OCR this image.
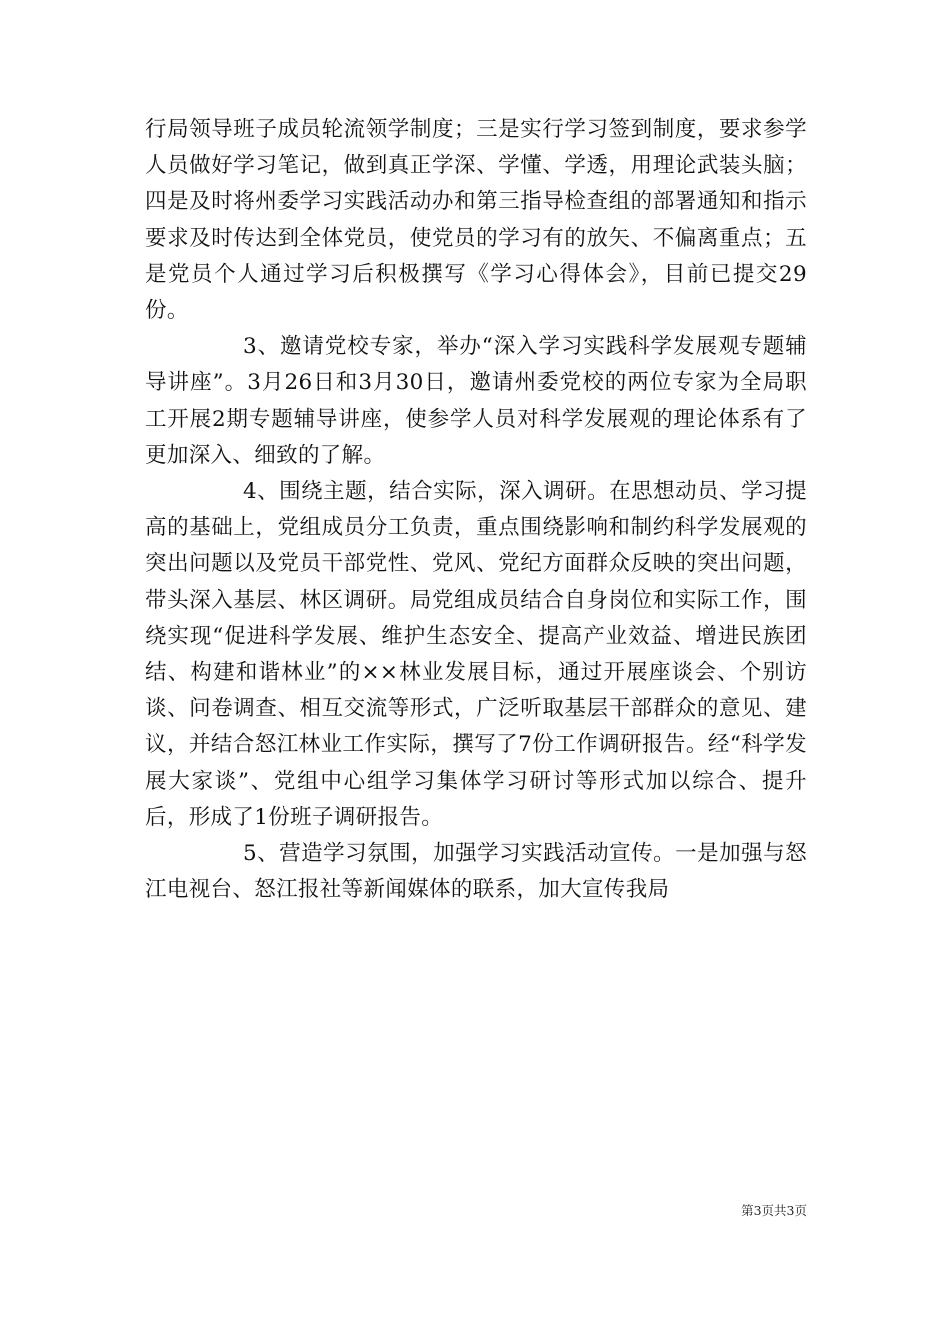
行局领导班子成员轮流领学制度；三是实行学习签到制度，要求参学人员做好学习笔记，做到真正学深、学懂、学透，用理论武装头脑；四是及时将州委学习实践活动办和第三指导检查组的部署通知和指示要求及时传达到全体党员，使党员的学习有的放矢、不偏离重点；五是党员个人通过学习后积极撰写《学习心得体会》，目前已提交29份。

3、邀请党校专家，举办“深入学习实践科学发展观专题辅导讲座”。3月26日和3月30日，邀请州委党校的两位专家为全局职工开展2期专题辅导讲座，使参学人员对科学发展观的理论体系有了更加深入、细致的了解。

4、围绕主题，结合实际，深入调研。在思想动员、学习提高的基础上，党组成员分工负责，重点围绕影响和制约科学发展观的突出问题以及党员干部党性、党风、党纪方面群众反映的突出问题，带头深入基层、林区调研。局党组成员结合自身岗位和实际工作，围绕实现“促进科学发展、维护生态安全、提高产业效益、增进民族团结、构建和谐林业”的××林业发展目标，通过开展座谈会、个别访谈、问卷调查、相互交流等形式，广泛听取基层干部群众的意见、建议，并结合怒江林业工作实际，撰写了7份工作调研报告。经“科学发展大家谈”、党组中心组学习集体学习研讨等形式加以综合、提升后，形成了1份班子调研报告。

5、营造学习氛围，加强学习实践活动宣传。一是加强与怒江电视台、怒江报社等新闻媒体的联系，加大宣传我局

第3页共3页
